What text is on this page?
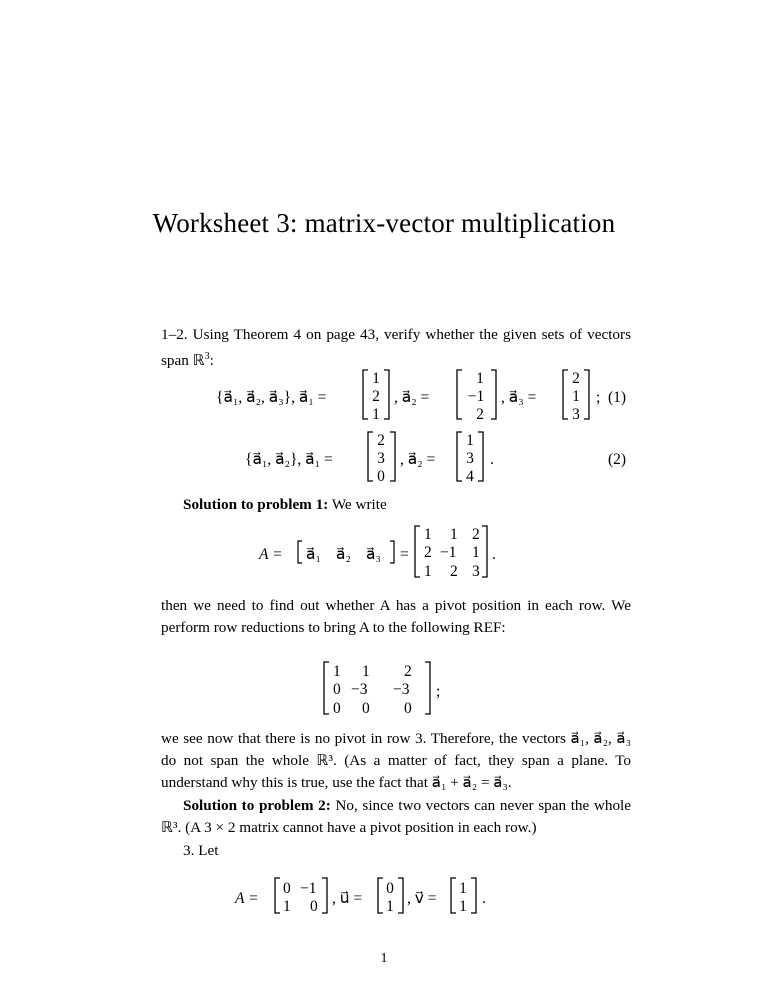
Worksheet 3: matrix-vector multiplication
1–2. Using Theorem 4 on page 43, verify whether the given sets of vectors span ℝ$^3$:
{a⃗₁, a⃗₂, a⃗₃}, a⃗₁ =
1
2
1
, a⃗₂ =
1
−1
2
, a⃗₃ =
2
1
3
; (1)
{a⃗₁, a⃗₂}, a⃗₁ =
2
3
0
, a⃗₂ =
1
3
4
.	(2)
A = a⃗₁ a⃗₂ a⃗₃ =
1 1 2
2 −1 1
1 2 3
.
1 1 2
0 −3 −3
0 0 0
;
A =
0 −1
1 0 , u⃗ =
0
1 , v⃗ =
1
1 .
Solution to problem 1: We write
then we need to find out whether A has a pivot position in each row. We perform row reductions to bring A to the following REF:
we see now that there is no pivot in row 3. Therefore, the vectors a⃗₁, a⃗₂, a⃗₃ do not span the whole ℝ³. (As a matter of fact, they span a plane. To understand why this is true, use the fact that a⃗₁ + a⃗₂ = a⃗₃.
Solution to problem 2: No, since two vectors can never span the whole ℝ³. (A 3 × 2 matrix cannot have a pivot position in each row.)
3. Let
1
